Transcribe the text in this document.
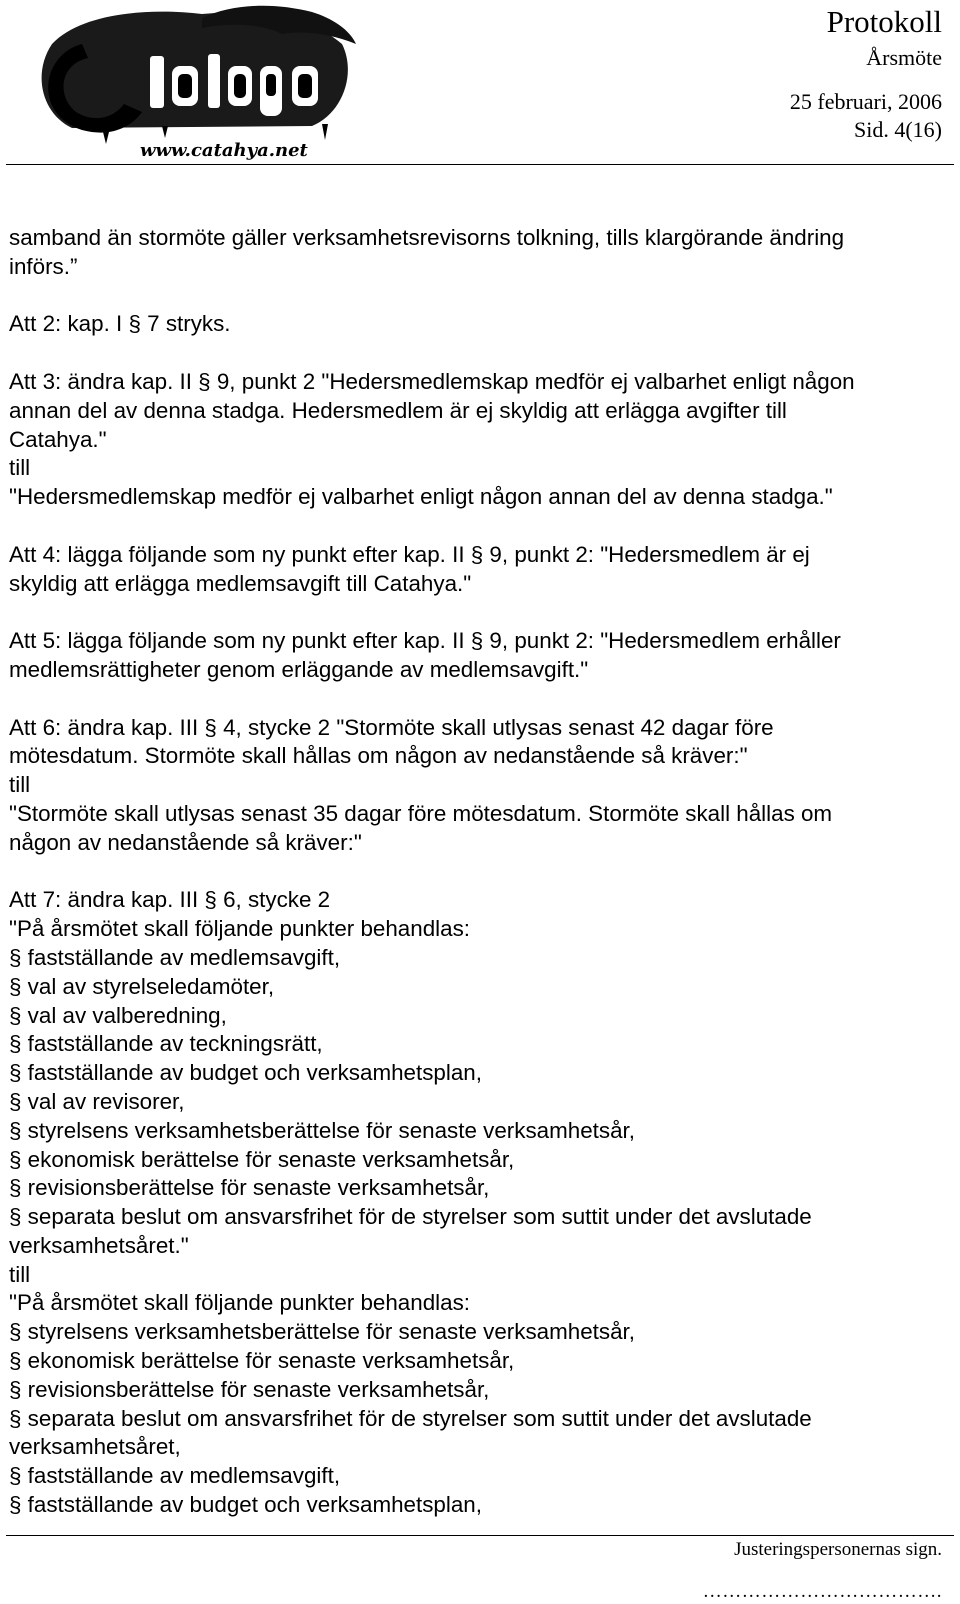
www.catahya.net
Protokoll
Årsmöte
25 februari, 2006
Sid. 4(16)
samband än stormöte gäller verksamhetsrevisorns tolkning, tills klargörande ändring
införs.”
Att 2: kap. I § 7 stryks.
Att 3: ändra kap. II § 9, punkt 2 "Hedersmedlemskap medför ej valbarhet enligt någon
annan del av denna stadga. Hedersmedlem är ej skyldig att erlägga avgifter till
Catahya."
till
"Hedersmedlemskap medför ej valbarhet enligt någon annan del av denna stadga."
Att 4: lägga följande som ny punkt efter kap. II § 9, punkt 2: "Hedersmedlem är ej
skyldig att erlägga medlemsavgift till Catahya."
Att 5: lägga följande som ny punkt efter kap. II § 9, punkt 2: "Hedersmedlem erhåller
medlemsrättigheter genom erläggande av medlemsavgift."
Att 6: ändra kap. III § 4, stycke 2 "Stormöte skall utlysas senast 42 dagar före
mötesdatum. Stormöte skall hållas om någon av nedanstående så kräver:"
till
"Stormöte skall utlysas senast 35 dagar före mötesdatum. Stormöte skall hållas om
någon av nedanstående så kräver:"
Att 7: ändra kap. III § 6, stycke 2
"På årsmötet skall följande punkter behandlas:
§ fastställande av medlemsavgift,
§ val av styrelseledamöter,
§ val av valberedning,
§ fastställande av teckningsrätt,
§ fastställande av budget och verksamhetsplan,
§ val av revisorer,
§ styrelsens verksamhetsberättelse för senaste verksamhetsår,
§ ekonomisk berättelse för senaste verksamhetsår,
§ revisionsberättelse för senaste verksamhetsår,
§ separata beslut om ansvarsfrihet för de styrelser som suttit under det avslutade
verksamhetsåret."
till
"På årsmötet skall följande punkter behandlas:
§ styrelsens verksamhetsberättelse för senaste verksamhetsår,
§ ekonomisk berättelse för senaste verksamhetsår,
§ revisionsberättelse för senaste verksamhetsår,
§ separata beslut om ansvarsfrihet för de styrelser som suttit under det avslutade
verksamhetsåret,
§ fastställande av medlemsavgift,
§ fastställande av budget och verksamhetsplan,
Justeringspersonernas sign.
……………………………….
